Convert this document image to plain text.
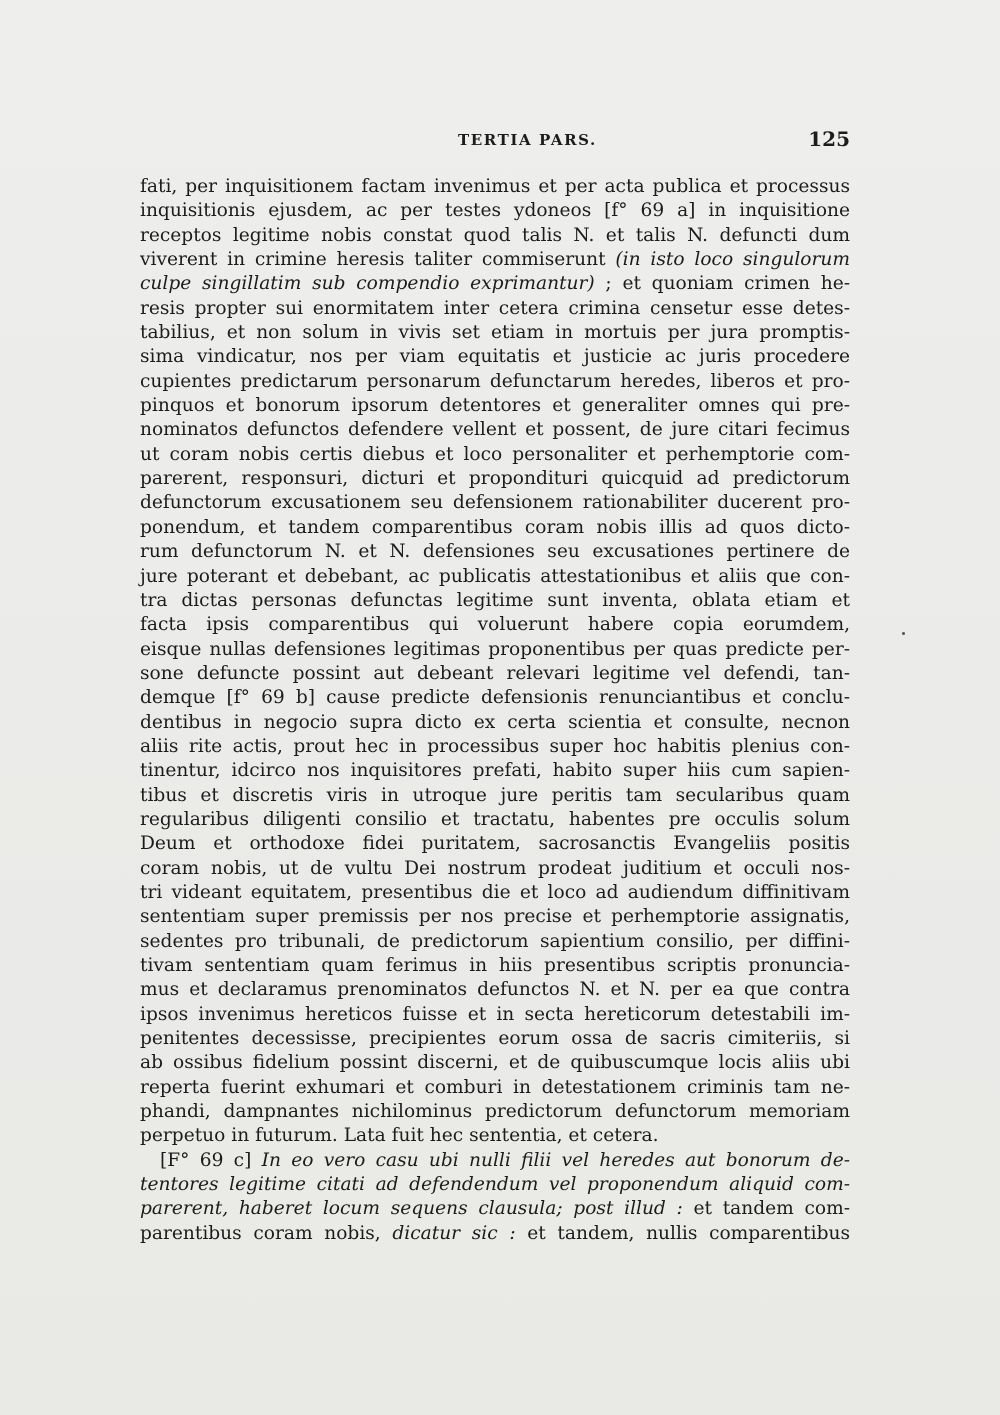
TERTIA PARS.	125
fati, per inquisitionem factam invenimus et per acta publica et processus
inquisitionis ejusdem, ac per testes ydoneos [f° 69 a] in inquisitione
receptos legitime nobis constat quod talis N. et talis N. defuncti dum
viverent in crimine heresis taliter commiserunt (in isto loco singulorum
culpe singillatim sub compendio exprimantur) ; et quoniam crimen he-
resis propter sui enormitatem inter cetera crimina censetur esse detes-
tabilius, et non solum in vivis set etiam in mortuis per jura promptis-
sima vindicatur, nos per viam equitatis et justicie ac juris procedere
cupientes predictarum personarum defunctarum heredes, liberos et pro-
pinquos et bonorum ipsorum detentores et generaliter omnes qui pre-
nominatos defunctos defendere vellent et possent, de jure citari fecimus
ut coram nobis certis diebus et loco personaliter et perhemptorie com-
parerent, responsuri, dicturi et propondituri quicquid ad predictorum
defunctorum excusationem seu defensionem rationabiliter ducerent pro-
ponendum, et tandem comparentibus coram nobis illis ad quos dicto-
rum defunctorum N. et N. defensiones seu excusationes pertinere de
jure poterant et debebant, ac publicatis attestationibus et aliis que con-
tra dictas personas defunctas legitime sunt inventa, oblata etiam et
facta ipsis comparentibus qui voluerunt habere copia eorumdem,
eisque nullas defensiones legitimas proponentibus per quas predicte per-
sone defuncte possint aut debeant relevari legitime vel defendi, tan-
demque [f° 69 b] cause predicte defensionis renunciantibus et conclu-
dentibus in negocio supra dicto ex certa scientia et consulte, necnon
aliis rite actis, prout hec in processibus super hoc habitis plenius con-
tinentur, idcirco nos inquisitores prefati, habito super hiis cum sapien-
tibus et discretis viris in utroque jure peritis tam secularibus quam
regularibus diligenti consilio et tractatu, habentes pre occulis solum
Deum et orthodoxe fidei puritatem, sacrosanctis Evangeliis positis
coram nobis, ut de vultu Dei nostrum prodeat juditium et occuli nos-
tri videant equitatem, presentibus die et loco ad audiendum diffinitivam
sententiam super premissis per nos precise et perhemptorie assignatis,
sedentes pro tribunali, de predictorum sapientium consilio, per diffini-
tivam sententiam quam ferimus in hiis presentibus scriptis pronuncia-
mus et declaramus prenominatos defunctos N. et N. per ea que contra
ipsos invenimus hereticos fuisse et in secta hereticorum detestabili im-
penitentes decessisse, precipientes eorum ossa de sacris cimiteriis, si
ab ossibus fidelium possint discerni, et de quibuscumque locis aliis ubi
reperta fuerint exhumari et comburi in detestationem criminis tam ne-
phandi, dampnantes nichilominus predictorum defunctorum memoriam
perpetuo in futurum. Lata fuit hec sententia, et cetera.
[F° 69 c] In eo vero casu ubi nulli filii vel heredes aut bonorum de-
tentores legitime citati ad defendendum vel proponendum aliquid com-
parerent, haberet locum sequens clausula; post illud : et tandem com-
parentibus coram nobis, dicatur sic : et tandem, nullis comparentibus
